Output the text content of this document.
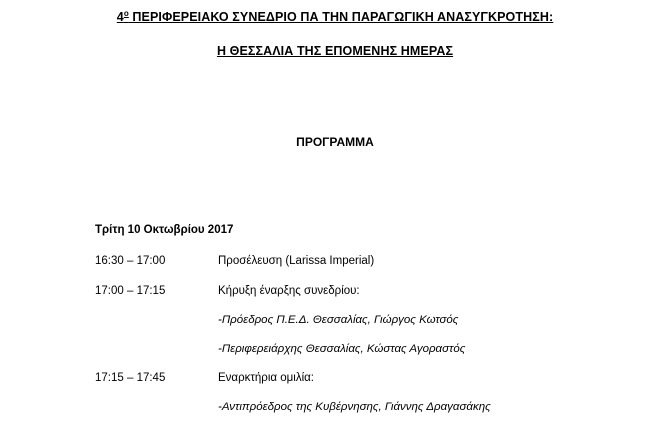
$4^o$ ΠΕΡΙΦΕΡΕΙΑΚΟ ΣΥΝΕΔΡΙΟ ΠΑ ΤΗΝ ΠΑΡΑΓΩΓΙΚΗ ΑΝΑΣΥΓΚΡΟΤΗΣΗ:
Η ΘΕΣΣΑΛΙΑ ΤΗΣ ΕΠΟΜΕΝΗΣ ΗΜΕΡΑΣ
ΠΡΟΓΡΑΜΜΑ
Τρίτη 10 Οκτωβρίου 2017
16:30 – 17:00	Προσέλευση (Larissa Imperial)
17:00 – 17:15	Κήρυξη έναρξης συνεδρίου:
-Πρόεδρος Π.Ε.Δ. Θεσσαλίας, Γιώργος Κωτσός
-Περιφερειάρχης Θεσσαλίας, Κώστας Αγοραστός
17:15 – 17:45	Εναρκτήρια ομιλία:
-Αντιπρόεδρος της Κυβέρνησης, Γιάννης Δραγασάκης
